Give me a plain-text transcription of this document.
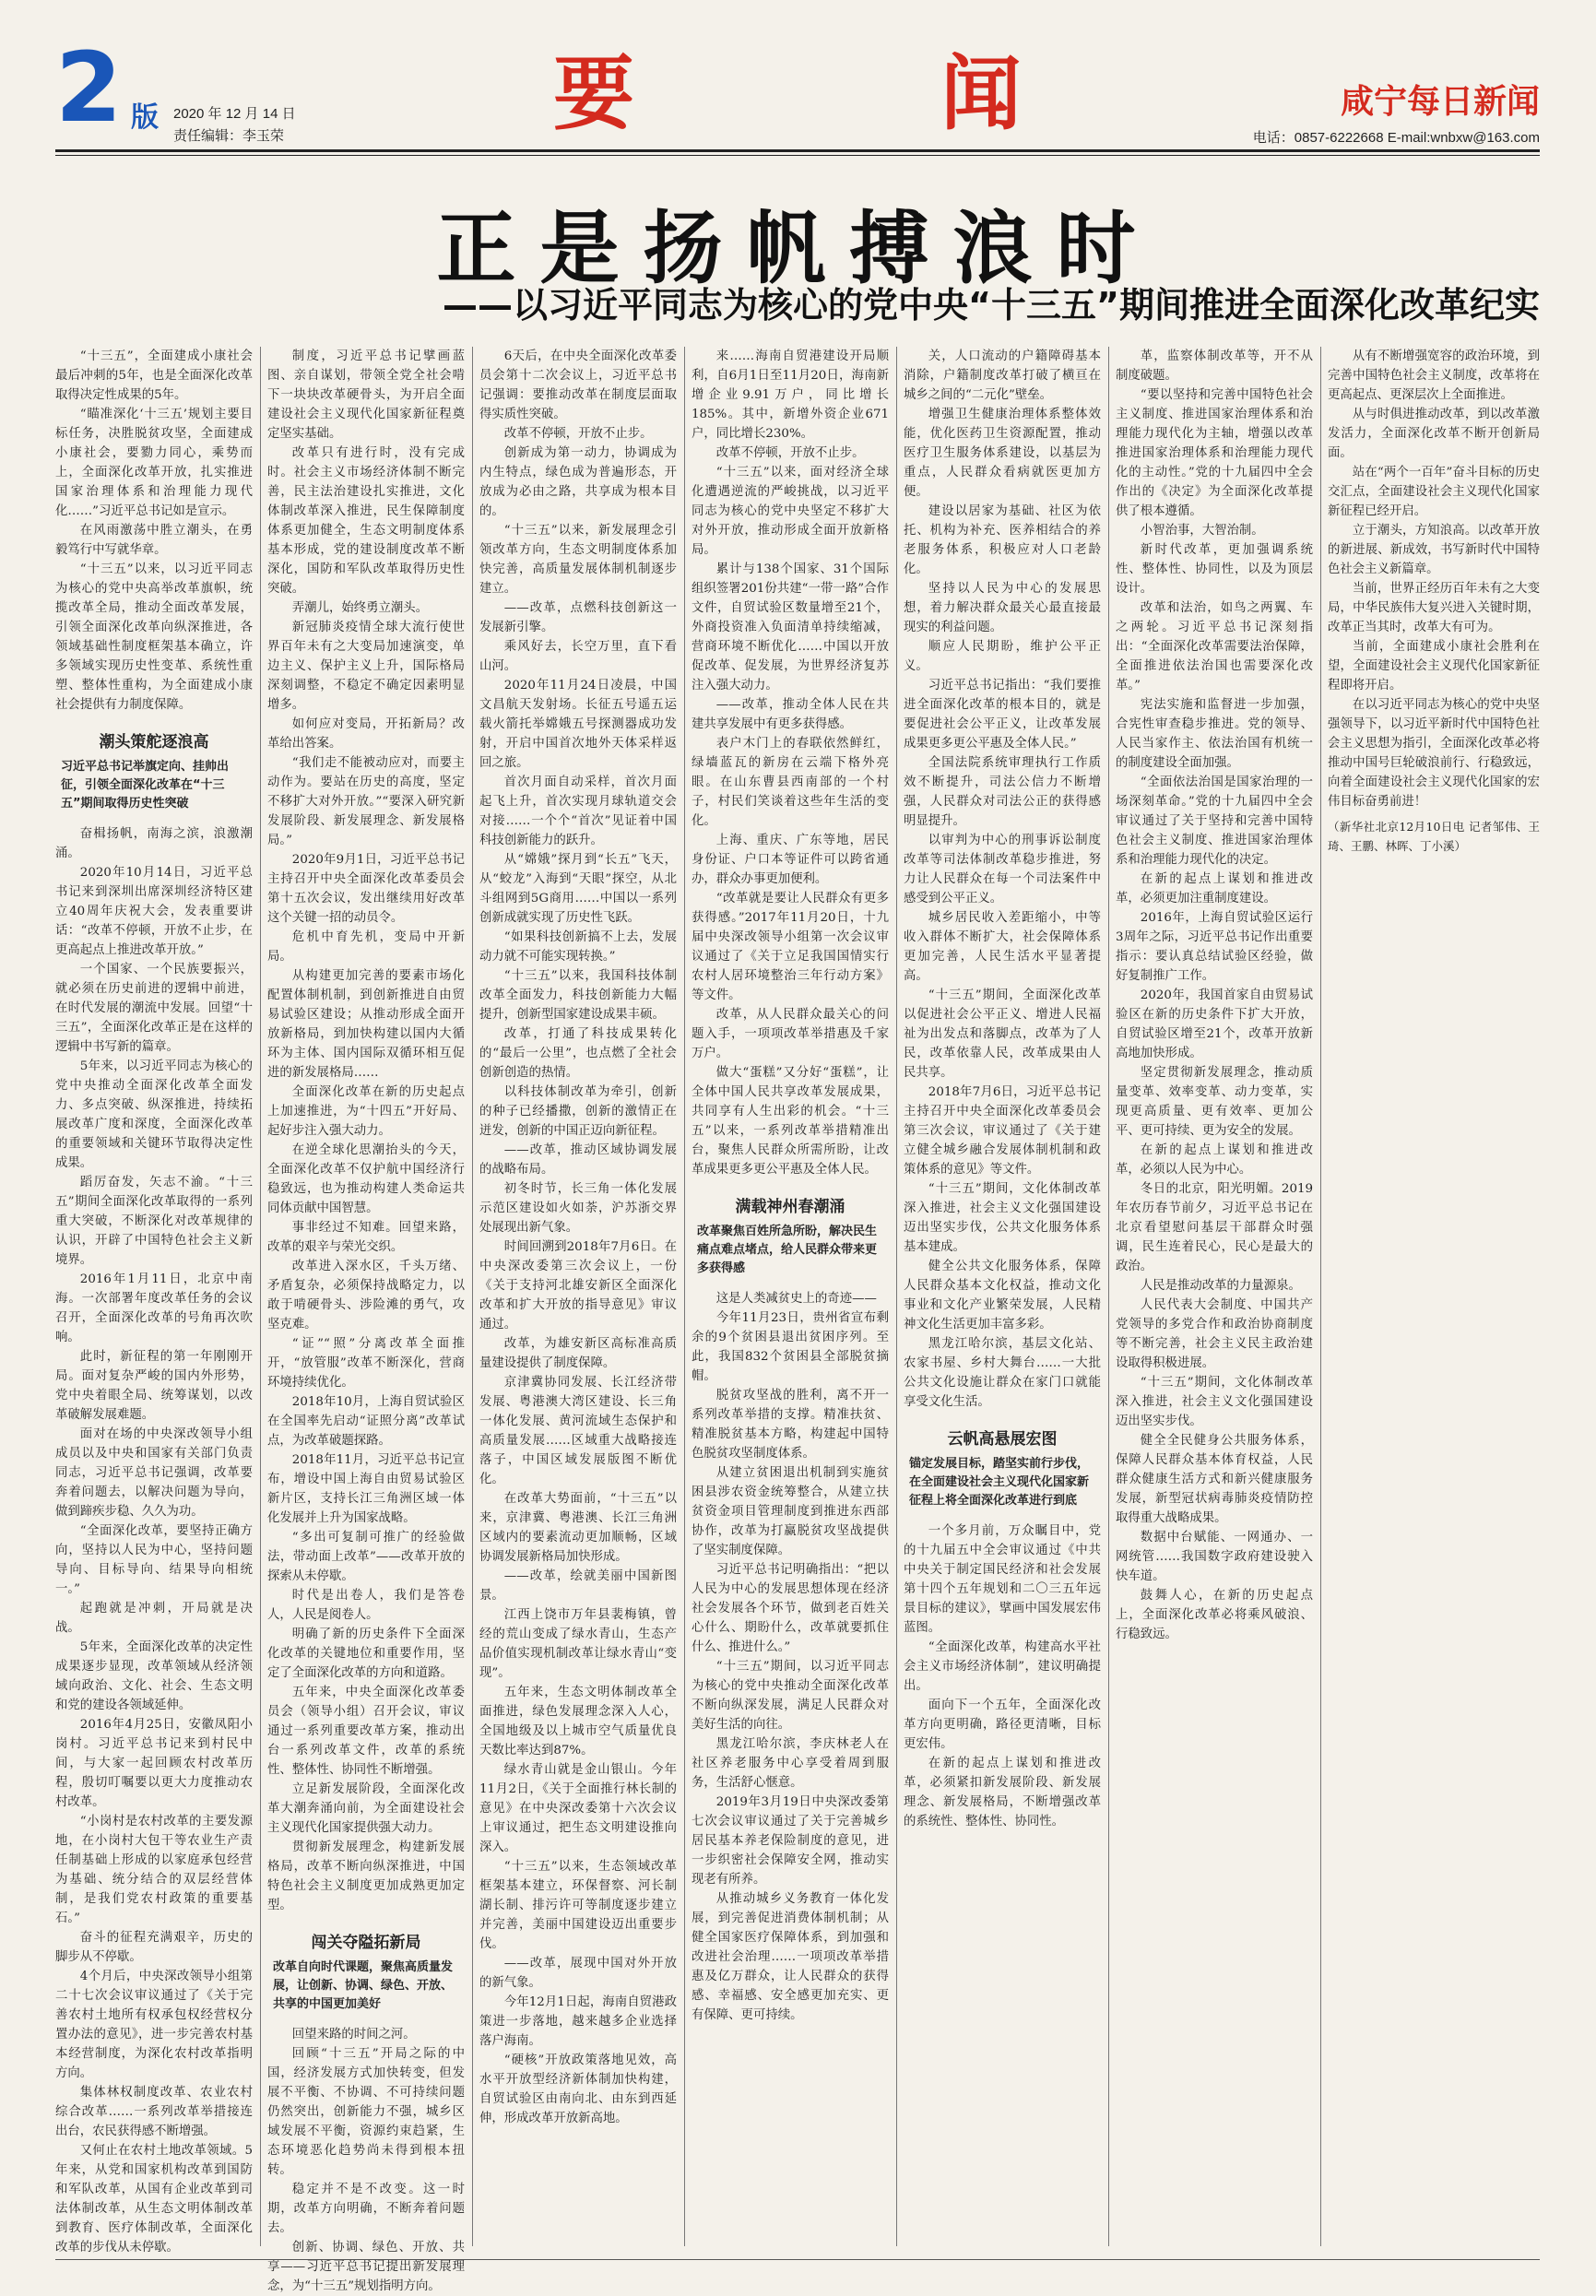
2 版 2020 年 12 月 14 日
责任编辑：李玉荣	要	闻	咸宁每日新闻
电话：0857-6222668 E-mail:wnbxw@163.com
正是扬帆搏浪时
——以习近平同志为核心的党中央“十三五”期间推进全面深化改革纪实

“十三五”，全面建成小康社会最后冲刺的5年，也是全面深化改革取得决定性成果的5年。

“瞄准深化‘十三五’规划主要目标任务，决胜脱贫攻坚，全面建成小康社会，要勠力同心，乘势而上，全面深化改革开放，扎实推进国家治理体系和治理能力现代化……”习近平总书记如是宣示。

在风雨激荡中胜立潮头，在勇毅笃行中写就华章。

“十三五”以来，以习近平同志为核心的党中央高举改革旗帜，统揽改革全局，推动全面改革发展，引领全面深化改革向纵深推进，各领域基础性制度框架基本确立，许多领域实现历史性变革、系统性重塑、整体性重构，为全面建成小康社会提供有力制度保障。

潮头策舵逐浪高
习近平总书记举旗定向、挂帅出征，引领全面深化改革在“十三五”期间取得历史性突破

奋楫扬帆，南海之滨，浪激潮涌。

2020年10月14日，习近平总书记来到深圳出席深圳经济特区建立40周年庆祝大会，发表重要讲话：“改革不停顿，开放不止步，在更高起点上推进改革开放。”

一个国家、一个民族要振兴，就必须在历史前进的逻辑中前进，在时代发展的潮流中发展。回望“十三五”，全面深化改革正是在这样的逻辑中书写新的篇章。

5年来，以习近平同志为核心的党中央推动全面深化改革全面发力、多点突破、纵深推进，持续拓展改革广度和深度，全面深化改革的重要领域和关键环节取得决定性成果。

蹈厉奋发，矢志不渝。“十三五”期间全面深化改革取得的一系列重大突破，不断深化对改革规律的认识，开辟了中国特色社会主义新境界。

2016年1月11日，北京中南海。一次部署年度改革任务的会议召开，全面深化改革的号角再次吹响。

此时，新征程的第一年刚刚开局。面对复杂严峻的国内外形势，党中央着眼全局、统筹谋划，以改革破解发展难题。

面对在场的中央深改领导小组成员以及中央和国家有关部门负责同志，习近平总书记强调，改革要奔着问题去，以解决问题为导向，做到蹄疾步稳、久久为功。

“全面深化改革，要坚持正确方向，坚持以人民为中心，坚持问题导向、目标导向、结果导向相统一。”

起跑就是冲刺，开局就是决战。

5年来，全面深化改革的决定性成果逐步显现，改革领域从经济领域向政治、文化、社会、生态文明和党的建设各领域延伸。

2016年4月25日，安徽凤阳小岗村。习近平总书记来到村民中间，与大家一起回顾农村改革历程，殷切叮嘱要以更大力度推动农村改革。

“小岗村是农村改革的主要发源地，在小岗村大包干等农业生产责任制基础上形成的以家庭承包经营为基础、统分结合的双层经营体制，是我们党农村政策的重要基石。”

奋斗的征程充满艰辛，历史的脚步从不停歇。

4个月后，中央深改领导小组第二十七次会议审议通过了《关于完善农村土地所有权承包权经营权分置办法的意见》，进一步完善农村基本经营制度，为深化农村改革指明方向。

集体林权制度改革、农业农村综合改革……一系列改革举措接连出台，农民获得感不断增强。

又何止在农村土地改革领域。5年来，从党和国家机构改革到国防和军队改革，从国有企业改革到司法体制改革，从生态文明体制改革到教育、医疗体制改革，全面深化改革的步伐从未停歇。

制度，习近平总书记擘画蓝图、亲自谋划，带领全党全社会啃下一块块改革硬骨头，为开启全面建设社会主义现代化国家新征程奠定坚实基础。

改革只有进行时，没有完成时。社会主义市场经济体制不断完善，民主法治建设扎实推进，文化体制改革深入推进，民生保障制度体系更加健全，生态文明制度体系基本形成，党的建设制度改革不断深化，国防和军队改革取得历史性突破。

弄潮儿，始终勇立潮头。

新冠肺炎疫情全球大流行使世界百年未有之大变局加速演变，单边主义、保护主义上升，国际格局深刻调整，不稳定不确定因素明显增多。

如何应对变局，开拓新局？改革给出答案。

“我们走不能被动应对，而要主动作为。要站在历史的高度，坚定不移扩大对外开放。”“要深入研究新发展阶段、新发展理念、新发展格局。”

2020年9月1日，习近平总书记主持召开中央全面深化改革委员会第十五次会议，发出继续用好改革这个关键一招的动员令。

危机中育先机，变局中开新局。

从构建更加完善的要素市场化配置体制机制，到创新推进自由贸易试验区建设；从推动形成全面开放新格局，到加快构建以国内大循环为主体、国内国际双循环相互促进的新发展格局……

全面深化改革在新的历史起点上加速推进，为“十四五”开好局、起好步注入强大动力。

在逆全球化思潮抬头的今天，全面深化改革不仅护航中国经济行稳致远，也为推动构建人类命运共同体贡献中国智慧。

事非经过不知难。回望来路，改革的艰辛与荣光交织。

改革进入深水区，千头万绪、矛盾复杂，必须保持战略定力，以敢于啃硬骨头、涉险滩的勇气，攻坚克难。

“证”“照”分离改革全面推开，“放管服”改革不断深化，营商环境持续优化。

2018年10月，上海自贸试验区在全国率先启动“证照分离”改革试点，为改革破题探路。

2018年11月，习近平总书记宣布，增设中国上海自由贸易试验区新片区，支持长江三角洲区域一体化发展并上升为国家战略。

“多出可复制可推广的经验做法，带动面上改革”——改革开放的探索从未停歇。

时代是出卷人，我们是答卷人，人民是阅卷人。

明确了新的历史条件下全面深化改革的关键地位和重要作用，坚定了全面深化改革的方向和道路。

五年来，中央全面深化改革委员会（领导小组）召开会议，审议通过一系列重要改革方案，推动出台一系列改革文件，改革的系统性、整体性、协同性不断增强。

立足新发展阶段，全面深化改革大潮奔涌向前，为全面建设社会主义现代化国家提供强大动力。

贯彻新发展理念，构建新发展格局，改革不断向纵深推进，中国特色社会主义制度更加成熟更加定型。

闯关夺隘拓新局
改革自向时代课题，聚焦高质量发展，让创新、协调、绿色、开放、共享的中国更加美好

回望来路的时间之河。

回顾“十三五”开局之际的中国，经济发展方式加快转变，但发展不平衡、不协调、不可持续问题仍然突出，创新能力不强，城乡区域发展不平衡，资源约束趋紧，生态环境恶化趋势尚未得到根本扭转。

稳定并不是不改变。这一时期，改革方向明确，不断奔着问题去。

创新、协调、绿色、开放、共享——习近平总书记提出新发展理念，为“十三五”规划指明方向。

6天后，在中央全面深化改革委员会第十二次会议上，习近平总书记强调：要推动改革在制度层面取得实质性突破。

改革不停顿，开放不止步。

创新成为第一动力，协调成为内生特点，绿色成为普遍形态，开放成为必由之路，共享成为根本目的。

“十三五”以来，新发展理念引领改革方向，生态文明制度体系加快完善，高质量发展体制机制逐步建立。

——改革，点燃科技创新这一发展新引擎。

乘风好去，长空万里，直下看山河。

2020年11月24日凌晨，中国文昌航天发射场。长征五号遥五运载火箭托举嫦娥五号探测器成功发射，开启中国首次地外天体采样返回之旅。

首次月面自动采样，首次月面起飞上升，首次实现月球轨道交会对接……一个个“首次”见证着中国科技创新能力的跃升。

从“嫦娥”探月到“长五”飞天，从“蛟龙”入海到“天眼”探空，从北斗组网到5G商用……中国以一系列创新成就实现了历史性飞跃。

“如果科技创新搞不上去，发展动力就不可能实现转换。”

“十三五”以来，我国科技体制改革全面发力，科技创新能力大幅提升，创新型国家建设成果丰硕。

改革，打通了科技成果转化的“最后一公里”，也点燃了全社会创新创造的热情。

以科技体制改革为牵引，创新的种子已经播撒，创新的激情正在迸发，创新的中国正迈向新征程。

——改革，推动区域协调发展的战略布局。

初冬时节，长三角一体化发展示范区建设如火如荼，沪苏浙交界处展现出新气象。

时间回溯到2018年7月6日。在中央深改委第三次会议上，一份《关于支持河北雄安新区全面深化改革和扩大开放的指导意见》审议通过。

改革，为雄安新区高标准高质量建设提供了制度保障。

京津冀协同发展、长江经济带发展、粤港澳大湾区建设、长三角一体化发展、黄河流域生态保护和高质量发展……区域重大战略接连落子，中国区域发展版图不断优化。

在改革大势面前，“十三五”以来，京津冀、粤港澳、长江三角洲区域内的要素流动更加顺畅，区域协调发展新格局加快形成。

——改革，绘就美丽中国新图景。

江西上饶市万年县裴梅镇，曾经的荒山变成了绿水青山，生态产品价值实现机制改革让绿水青山“变现”。

五年来，生态文明体制改革全面推进，绿色发展理念深入人心，全国地级及以上城市空气质量优良天数比率达到87%。

绿水青山就是金山银山。今年11月2日，《关于全面推行林长制的意见》在中央深改委第十六次会议上审议通过，把生态文明建设推向深入。

“十三五”以来，生态领域改革框架基本建立，环保督察、河长制湖长制、排污许可等制度逐步建立并完善，美丽中国建设迈出重要步伐。

——改革，展现中国对外开放的新气象。

今年12月1日起，海南自贸港政策进一步落地，越来越多企业选择落户海南。

“硬核”开放政策落地见效，高水平开放型经济新体制加快构建，自贸试验区由南向北、由东到西延伸，形成改革开放新高地。

来……海南自贸港建设开局顺利，自6月1日至11月20日，海南新增企业9.91万户，同比增长185%。其中，新增外资企业671户，同比增长230%。

改革不停顿，开放不止步。

“十三五”以来，面对经济全球化遭遇逆流的严峻挑战，以习近平同志为核心的党中央坚定不移扩大对外开放，推动形成全面开放新格局。

累计与138个国家、31个国际组织签署201份共建“一带一路”合作文件，自贸试验区数量增至21个，外商投资准入负面清单持续缩减，营商环境不断优化……中国以开放促改革、促发展，为世界经济复苏注入强大动力。

——改革，推动全体人民在共建共享发展中有更多获得感。

表户木门上的春联依然鲜红，绿墙蓝瓦的新房在云端下格外亮眼。在山东曹县西南部的一个村子，村民们笑谈着这些年生活的变化。

上海、重庆、广东等地，居民身份证、户口本等证件可以跨省通办，群众办事更加便利。

“改革就是要让人民群众有更多获得感。”2017年11月20日，十九届中央深改领导小组第一次会议审议通过了《关于立足我国国情实行农村人居环境整治三年行动方案》等文件。

改革，从人民群众最关心的问题入手，一项项改革举措惠及千家万户。

做大“蛋糕”又分好“蛋糕”，让全体中国人民共享改革发展成果，共同享有人生出彩的机会。“十三五”以来，一系列改革举措精准出台，聚焦人民群众所需所盼，让改革成果更多更公平惠及全体人民。

满载神州春潮涌
改革聚焦百姓所急所盼，解决民生痛点难点堵点，给人民群众带来更多获得感

这是人类减贫史上的奇迹——

今年11月23日，贵州省宣布剩余的9个贫困县退出贫困序列。至此，我国832个贫困县全部脱贫摘帽。

脱贫攻坚战的胜利，离不开一系列改革举措的支撑。精准扶贫、精准脱贫基本方略，构建起中国特色脱贫攻坚制度体系。

从建立贫困退出机制到实施贫困县涉农资金统筹整合，从建立扶贫资金项目管理制度到推进东西部协作，改革为打赢脱贫攻坚战提供了坚实制度保障。

习近平总书记明确指出：“把以人民为中心的发展思想体现在经济社会发展各个环节，做到老百姓关心什么、期盼什么，改革就要抓住什么、推进什么。”

“十三五”期间，以习近平同志为核心的党中央推动全面深化改革不断向纵深发展，满足人民群众对美好生活的向往。

黑龙江哈尔滨，李庆林老人在社区养老服务中心享受着周到服务，生活舒心惬意。

2019年3月19日中央深改委第七次会议审议通过了关于完善城乡居民基本养老保险制度的意见，进一步织密社会保障安全网，推动实现老有所养。

从推动城乡义务教育一体化发展，到完善促进消费体制机制；从健全国家医疗保障体系，到加强和改进社会治理……一项项改革举措惠及亿万群众，让人民群众的获得感、幸福感、安全感更加充实、更有保障、更可持续。

关，人口流动的户籍障碍基本消除，户籍制度改革打破了横亘在城乡之间的“二元化”壁垒。

增强卫生健康治理体系整体效能，优化医药卫生资源配置，推动医疗卫生服务体系建设，以基层为重点，人民群众看病就医更加方便。

建设以居家为基础、社区为依托、机构为补充、医养相结合的养老服务体系，积极应对人口老龄化。

坚持以人民为中心的发展思想，着力解决群众最关心最直接最现实的利益问题。

顺应人民期盼，维护公平正义。

习近平总书记指出：“我们要推进全面深化改革的根本目的，就是要促进社会公平正义，让改革发展成果更多更公平惠及全体人民。”

全国法院系统审理执行工作质效不断提升，司法公信力不断增强，人民群众对司法公正的获得感明显提升。

以审判为中心的刑事诉讼制度改革等司法体制改革稳步推进，努力让人民群众在每一个司法案件中感受到公平正义。

城乡居民收入差距缩小，中等收入群体不断扩大，社会保障体系更加完善，人民生活水平显著提高。

“十三五”期间，全面深化改革以促进社会公平正义、增进人民福祉为出发点和落脚点，改革为了人民，改革依靠人民，改革成果由人民共享。

2018年7月6日，习近平总书记主持召开中央全面深化改革委员会第三次会议，审议通过了《关于建立健全城乡融合发展体制机制和政策体系的意见》等文件。

“十三五”期间，文化体制改革深入推进，社会主义文化强国建设迈出坚实步伐，公共文化服务体系基本建成。

健全公共文化服务体系，保障人民群众基本文化权益，推动文化事业和文化产业繁荣发展，人民精神文化生活更加丰富多彩。

黑龙江哈尔滨，基层文化站、农家书屋、乡村大舞台……一大批公共文化设施让群众在家门口就能享受文化生活。

云帆高悬展宏图
锚定发展目标，踏坚实前行步伐，在全面建设社会主义现代化国家新征程上将全面深化改革进行到底

一个多月前，万众瞩目中，党的十九届五中全会审议通过《中共中央关于制定国民经济和社会发展第十四个五年规划和二〇三五年远景目标的建议》，擘画中国发展宏伟蓝图。

“全面深化改革，构建高水平社会主义市场经济体制”，建议明确提出。

面向下一个五年，全面深化改革方向更明确，路径更清晰，目标更宏伟。

在新的起点上谋划和推进改革，必须紧扣新发展阶段、新发展理念、新发展格局，不断增强改革的系统性、整体性、协同性。

革，监察体制改革等，开不从制度破题。

“要以坚持和完善中国特色社会主义制度、推进国家治理体系和治理能力现代化为主轴，增强以改革推进国家治理体系和治理能力现代化的主动性。”党的十九届四中全会作出的《决定》为全面深化改革提供了根本遵循。

小智治事，大智治制。

新时代改革，更加强调系统性、整体性、协同性，以及为顶层设计。

改革和法治，如鸟之两翼、车之两轮。习近平总书记深刻指出：“全面深化改革需要法治保障，全面推进依法治国也需要深化改革。”

宪法实施和监督进一步加强，合宪性审查稳步推进。党的领导、人民当家作主、依法治国有机统一的制度建设全面加强。

“全面依法治国是国家治理的一场深刻革命。”党的十九届四中全会审议通过了关于坚持和完善中国特色社会主义制度、推进国家治理体系和治理能力现代化的决定。

在新的起点上谋划和推进改革，必须更加注重制度建设。

2016年，上海自贸试验区运行3周年之际，习近平总书记作出重要指示：要认真总结试验区经验，做好复制推广工作。

2020年，我国首家自由贸易试验区在新的历史条件下扩大开放，自贸试验区增至21个，改革开放新高地加快形成。

坚定贯彻新发展理念，推动质量变革、效率变革、动力变革，实现更高质量、更有效率、更加公平、更可持续、更为安全的发展。

在新的起点上谋划和推进改革，必须以人民为中心。

冬日的北京，阳光明媚。2019年农历春节前夕，习近平总书记在北京看望慰问基层干部群众时强调，民生连着民心，民心是最大的政治。

人民是推动改革的力量源泉。

人民代表大会制度、中国共产党领导的多党合作和政治协商制度等不断完善，社会主义民主政治建设取得积极进展。

“十三五”期间，文化体制改革深入推进，社会主义文化强国建设迈出坚实步伐。

健全全民健身公共服务体系，保障人民群众基本体育权益，人民群众健康生活方式和新兴健康服务发展，新型冠状病毒肺炎疫情防控取得重大战略成果。

数据中台赋能、一网通办、一网统管……我国数字政府建设驶入快车道。

鼓舞人心，在新的历史起点上，全面深化改革必将乘风破浪、行稳致远。

从有不断增强宽容的政治环境，到完善中国特色社会主义制度，改革将在更高起点、更深层次上全面推进。

从与时俱进推动改革，到以改革激发活力，全面深化改革不断开创新局面。

站在“两个一百年”奋斗目标的历史交汇点，全面建设社会主义现代化国家新征程已经开启。

立于潮头，方知浪高。以改革开放的新进展、新成效，书写新时代中国特色社会主义新篇章。

当前，世界正经历百年未有之大变局，中华民族伟大复兴进入关键时期，改革正当其时，改革大有可为。

当前，全面建成小康社会胜利在望，全面建设社会主义现代化国家新征程即将开启。

在以习近平同志为核心的党中央坚强领导下，以习近平新时代中国特色社会主义思想为指引，全面深化改革必将推动中国号巨轮破浪前行、行稳致远，向着全面建设社会主义现代化国家的宏伟目标奋勇前进！

（新华社北京12月10日电 记者邹伟、王琦、王鹏、林晖、丁小溪）
